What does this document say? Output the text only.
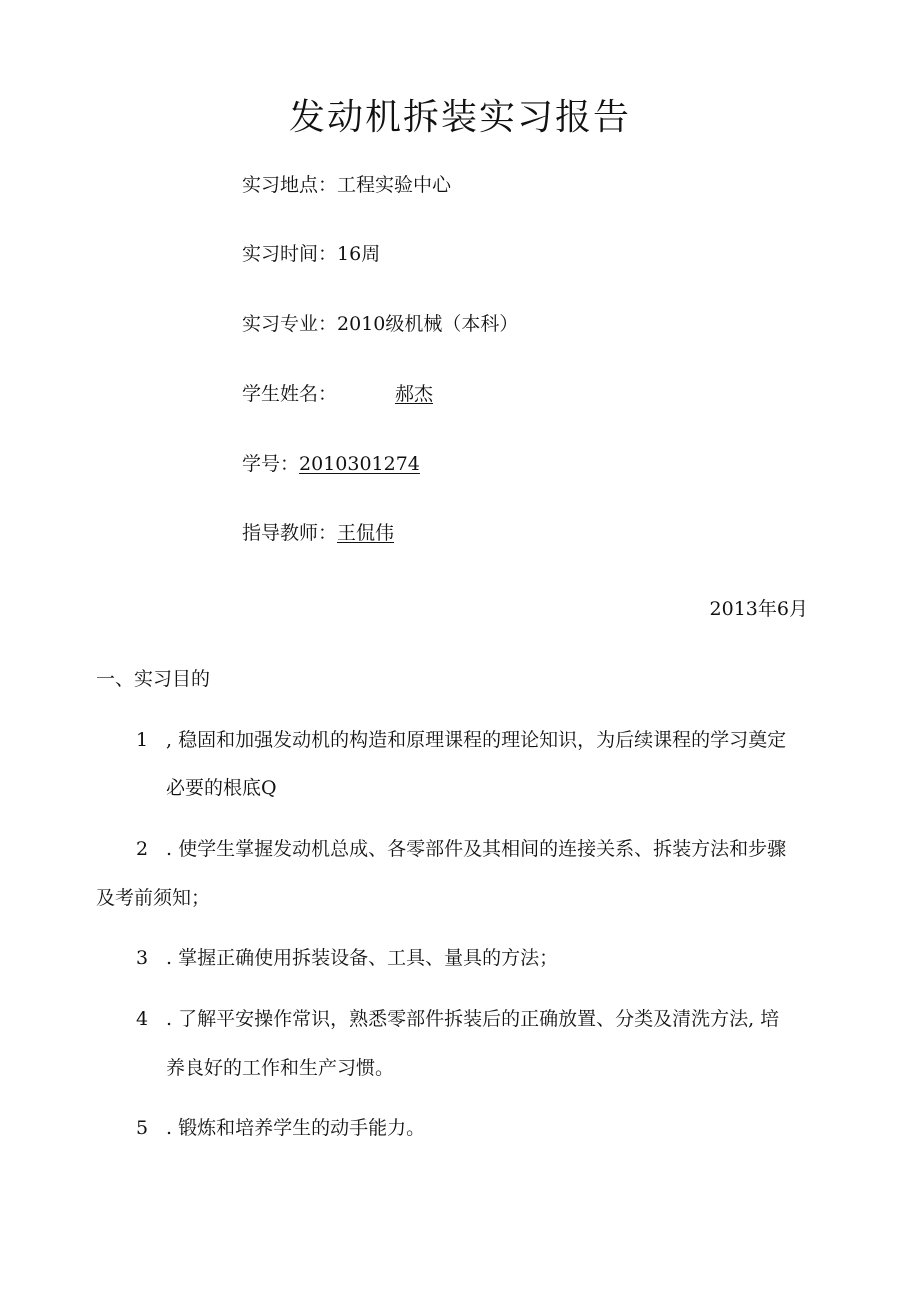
发动机拆装实习报告
实习地点：工程实验中心
实习时间：16周
实习专业：2010级机械（本科）
学生姓名：	郝杰
学号：2010301274
指导教师：王侃伟
2013年6月
一、实习目的
1 , 稳固和加强发动机的构造和原理课程的理论知识，为后续课程的学习奠定
必要的根底Q
2 . 使学生掌握发动机总成、各零部件及其相间的连接关系、拆装方法和步骤
及考前须知；
3 . 掌握正确使用拆装设备、工具、量具的方法；
4 . 了解平安操作常识，熟悉零部件拆装后的正确放置、分类及清洗方法, 培
养良好的工作和生产习惯。
5 . 锻炼和培养学生的动手能力。
